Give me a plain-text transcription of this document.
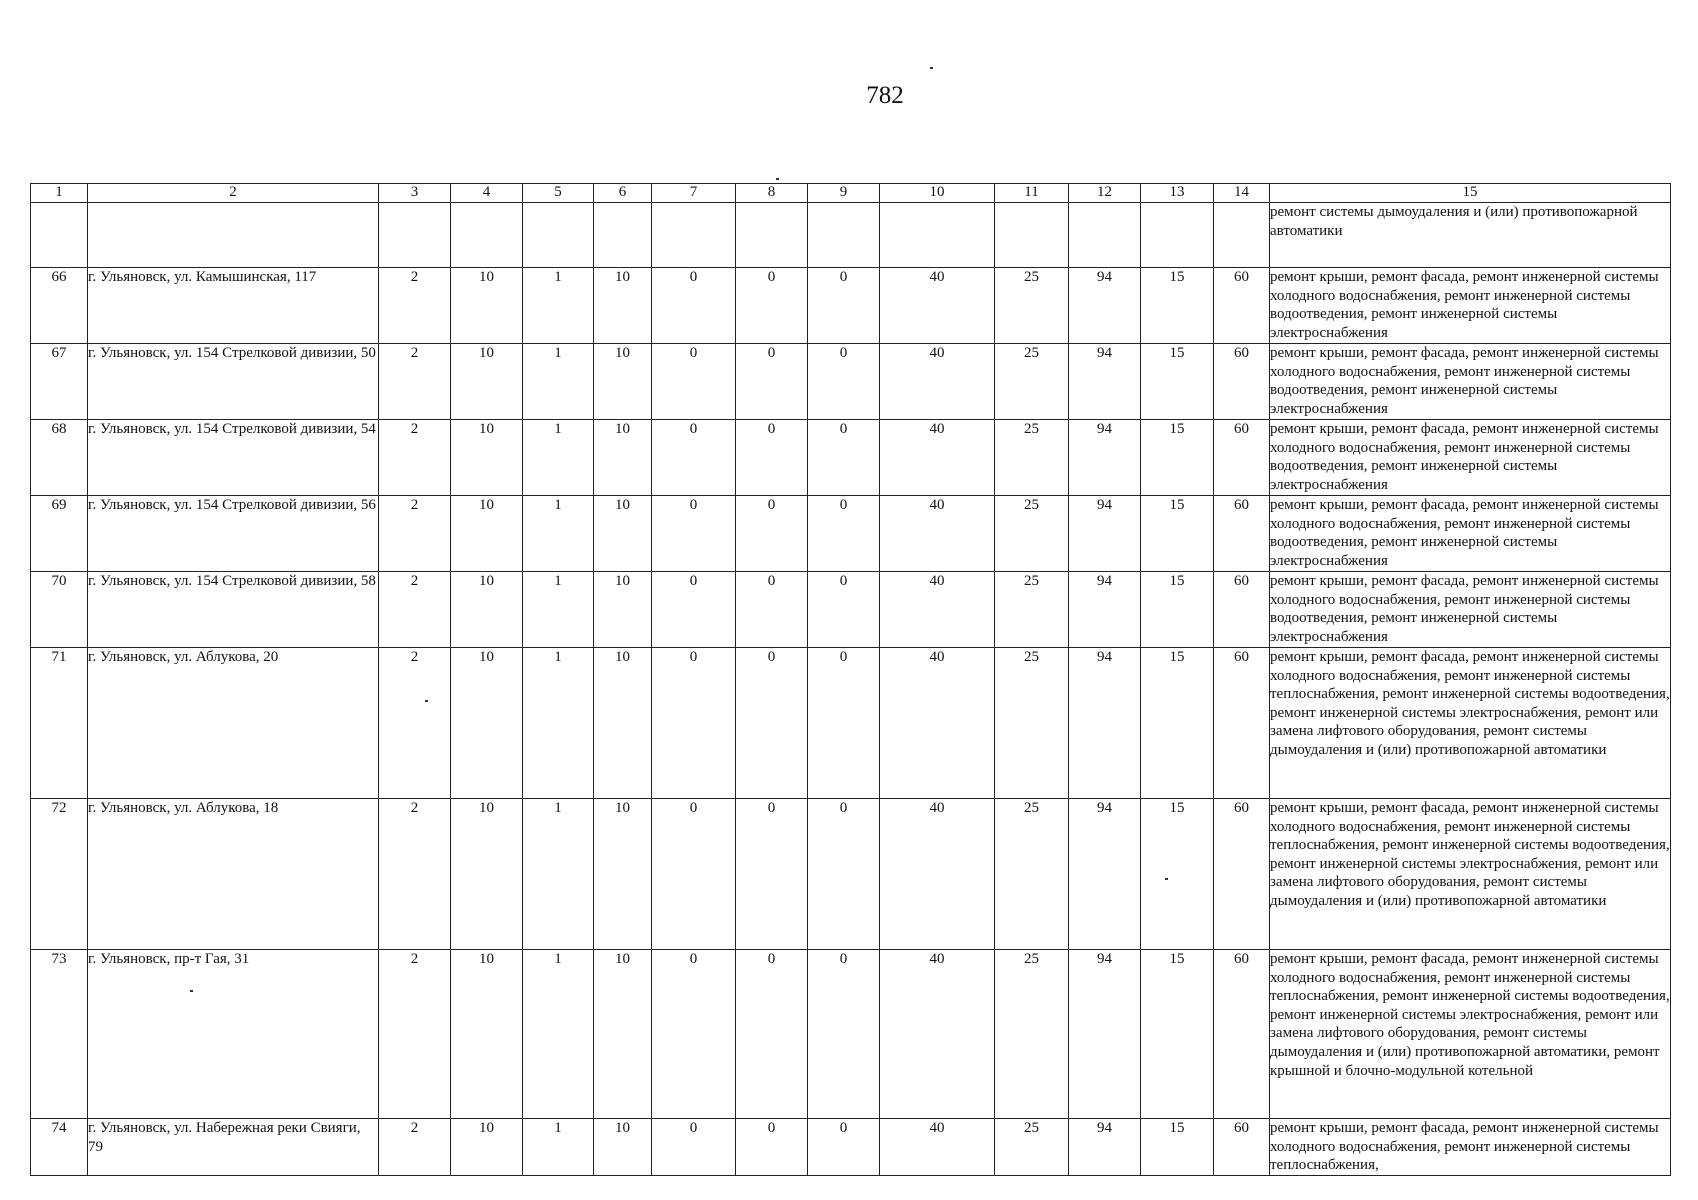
782
1	2	3	4	5	6	7	8	9	10	11	12	13	14	15
														ремонт системы дымоудаления и (или) противопожарной автоматики
66	г. Ульяновск, ул. Камышинская, 117	2	10	1	10	0	0	0	40	25	94	15	60	ремонт крыши, ремонт фасада, ремонт инженерной системы холодного водоснабжения, ремонт инженерной системы водоотведения, ремонт инженерной системы электроснабжения
67	г. Ульяновск, ул. 154 Стрелковой дивизии, 50	2	10	1	10	0	0	0	40	25	94	15	60	ремонт крыши, ремонт фасада, ремонт инженерной системы холодного водоснабжения, ремонт инженерной системы водоотведения, ремонт инженерной системы электроснабжения
68	г. Ульяновск, ул. 154 Стрелковой дивизии, 54	2	10	1	10	0	0	0	40	25	94	15	60	ремонт крыши, ремонт фасада, ремонт инженерной системы холодного водоснабжения, ремонт инженерной системы водоотведения, ремонт инженерной системы электроснабжения
69	г. Ульяновск, ул. 154 Стрелковой дивизии, 56	2	10	1	10	0	0	0	40	25	94	15	60	ремонт крыши, ремонт фасада, ремонт инженерной системы холодного водоснабжения, ремонт инженерной системы водоотведения, ремонт инженерной системы электроснабжения
70	г. Ульяновск, ул. 154 Стрелковой дивизии, 58	2	10	1	10	0	0	0	40	25	94	15	60	ремонт крыши, ремонт фасада, ремонт инженерной системы холодного водоснабжения, ремонт инженерной системы водоотведения, ремонт инженерной системы электроснабжения
71	г. Ульяновск, ул. Аблукова, 20	2	10	1	10	0	0	0	40	25	94	15	60	ремонт крыши, ремонт фасада, ремонт инженерной системы холодного водоснабжения, ремонт инженерной системы теплоснабжения, ремонт инженерной системы водоотведения, ремонт инженерной системы электроснабжения, ремонт или замена лифтового оборудования, ремонт системы дымоудаления и (или) противопожарной автоматики
72	г. Ульяновск, ул. Аблукова, 18	2	10	1	10	0	0	0	40	25	94	15	60	ремонт крыши, ремонт фасада, ремонт инженерной системы холодного водоснабжения, ремонт инженерной системы теплоснабжения, ремонт инженерной системы водоотведения, ремонт инженерной системы электроснабжения, ремонт или замена лифтового оборудования, ремонт системы дымоудаления и (или) противопожарной автоматики
73	г. Ульяновск, пр-т Гая, 31	2	10	1	10	0	0	0	40	25	94	15	60	ремонт крыши, ремонт фасада, ремонт инженерной системы холодного водоснабжения, ремонт инженерной системы теплоснабжения, ремонт инженерной системы водоотведения, ремонт инженерной системы электроснабжения, ремонт или замена лифтового оборудования, ремонт системы дымоудаления и (или) противопожарной автоматики, ремонт крышной и блочно-модульной котельной
74	г. Ульяновск, ул. Набережная реки Свияги, 79	2	10	1	10	0	0	0	40	25	94	15	60	ремонт крыши, ремонт фасада, ремонт инженерной системы холодного водоснабжения, ремонт инженерной системы теплоснабжения,
